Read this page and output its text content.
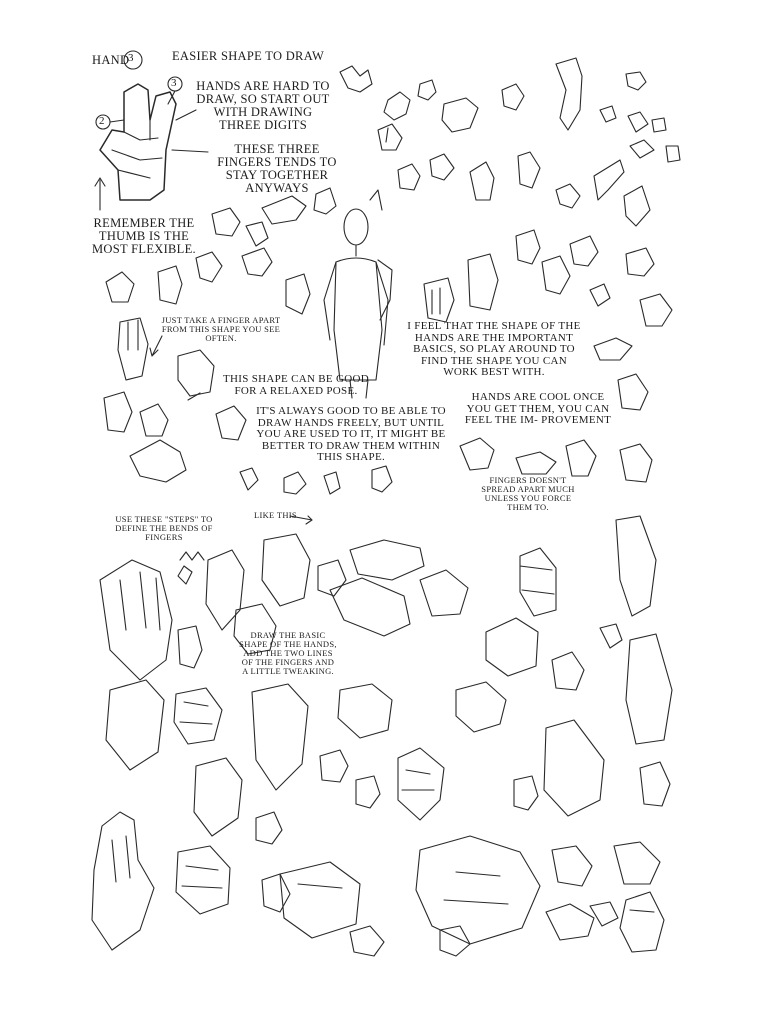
HAND
3	EASIER SHAPE TO DRAW
2
3	HANDS ARE HARD TO DRAW, SO START OUT WITH DRAWING THREE DIGITS
THESE THREE FINGERS TENDS TO STAY TOGETHER ANYWAYS
REMEMBER THE THUMB IS THE MOST FLEXIBLE.
JUST TAKE A FINGER APART FROM THIS SHAPE YOU SEE OFTEN.
THIS SHAPE CAN BE GOOD FOR A RELAXED POSE.
IT'S ALWAYS GOOD TO BE ABLE TO DRAW HANDS FREELY, BUT UNTIL YOU ARE USED TO IT, IT MIGHT BE BETTER TO DRAW THEM WITHIN THIS SHAPE.
I FEEL THAT THE SHAPE OF THE HANDS ARE THE IMPORTANT BASICS, SO PLAY AROUND TO FIND THE SHAPE YOU CAN WORK BEST WITH.
HANDS ARE COOL ONCE YOU GET THEM, YOU CAN FEEL THE IM- PROVEMENT
FINGERS DOESN'T SPREAD APART MUCH UNLESS YOU FORCE THEM TO.
USE THESE "STEPS" TO DEFINE THE BENDS OF FINGERS
LIKE THIS
DRAW THE BASIC SHAPE OF THE HANDS, ADD THE TWO LINES OF THE FINGERS AND A LITTLE TWEAKING.
